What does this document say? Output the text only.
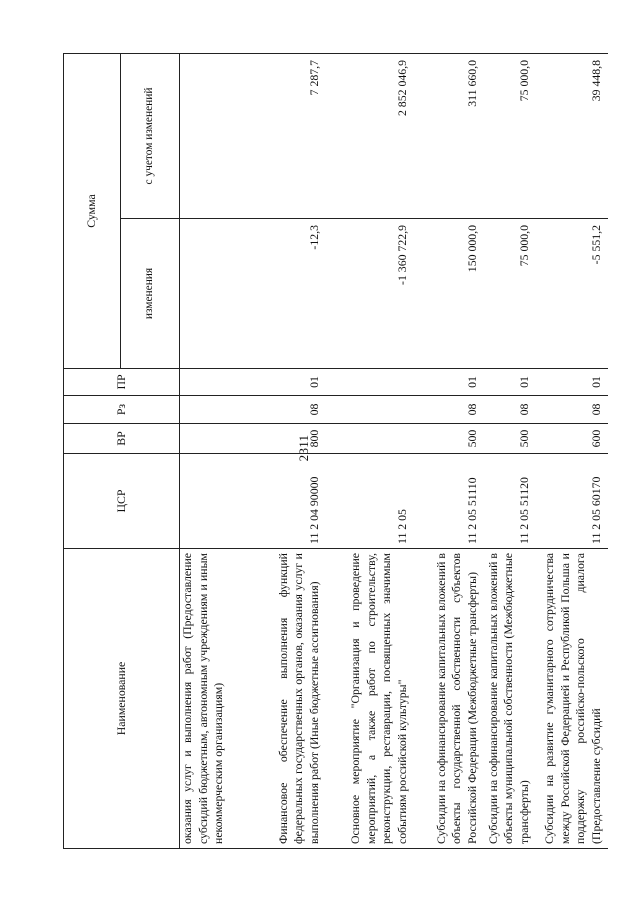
2311
Наименование	ЦСР	ВР	Рз	ПР	Сумма	
					изменения	с учетом изменений
оказания услуг и выполнения работ (Предоставление субсидий бюджетным, автономным учреждениям и иным некоммерческим организациям)						
Финансовое обеспечение выполнения функций федеральных государственных органов, оказания услуг и выполнения работ (Иные бюджетные ассигнования)	11 2 04 90000	800	08	01	-12,3	7 287,7
Основное мероприятие "Организация и проведение мероприятий, а также работ по строительству, реконструкции, реставрации, посвященных значимым событиям российской культуры"	11 2 05				-1 360 722,9	2 852 046,9
Субсидии на софинансирование капитальных вложений в объекты государственной собственности субъектов Российской Федерации (Межбюджетные трансферты)	11 2 05 51110	500	08	01	150 000,0	311 660,0
Субсидии на софинансирование капитальных вложений в объекты муниципальной собственности (Межбюджетные трансферты)	11 2 05 51120	500	08	01	75 000,0	75 000,0
Субсидии на развитие гуманитарного сотрудничества между Российской Федерацией и Республикой Польша и поддержку российско-польского диалога (Предоставление субсидий	11 2 05 60170	600	08	01	-5 551,2	39 448,8
